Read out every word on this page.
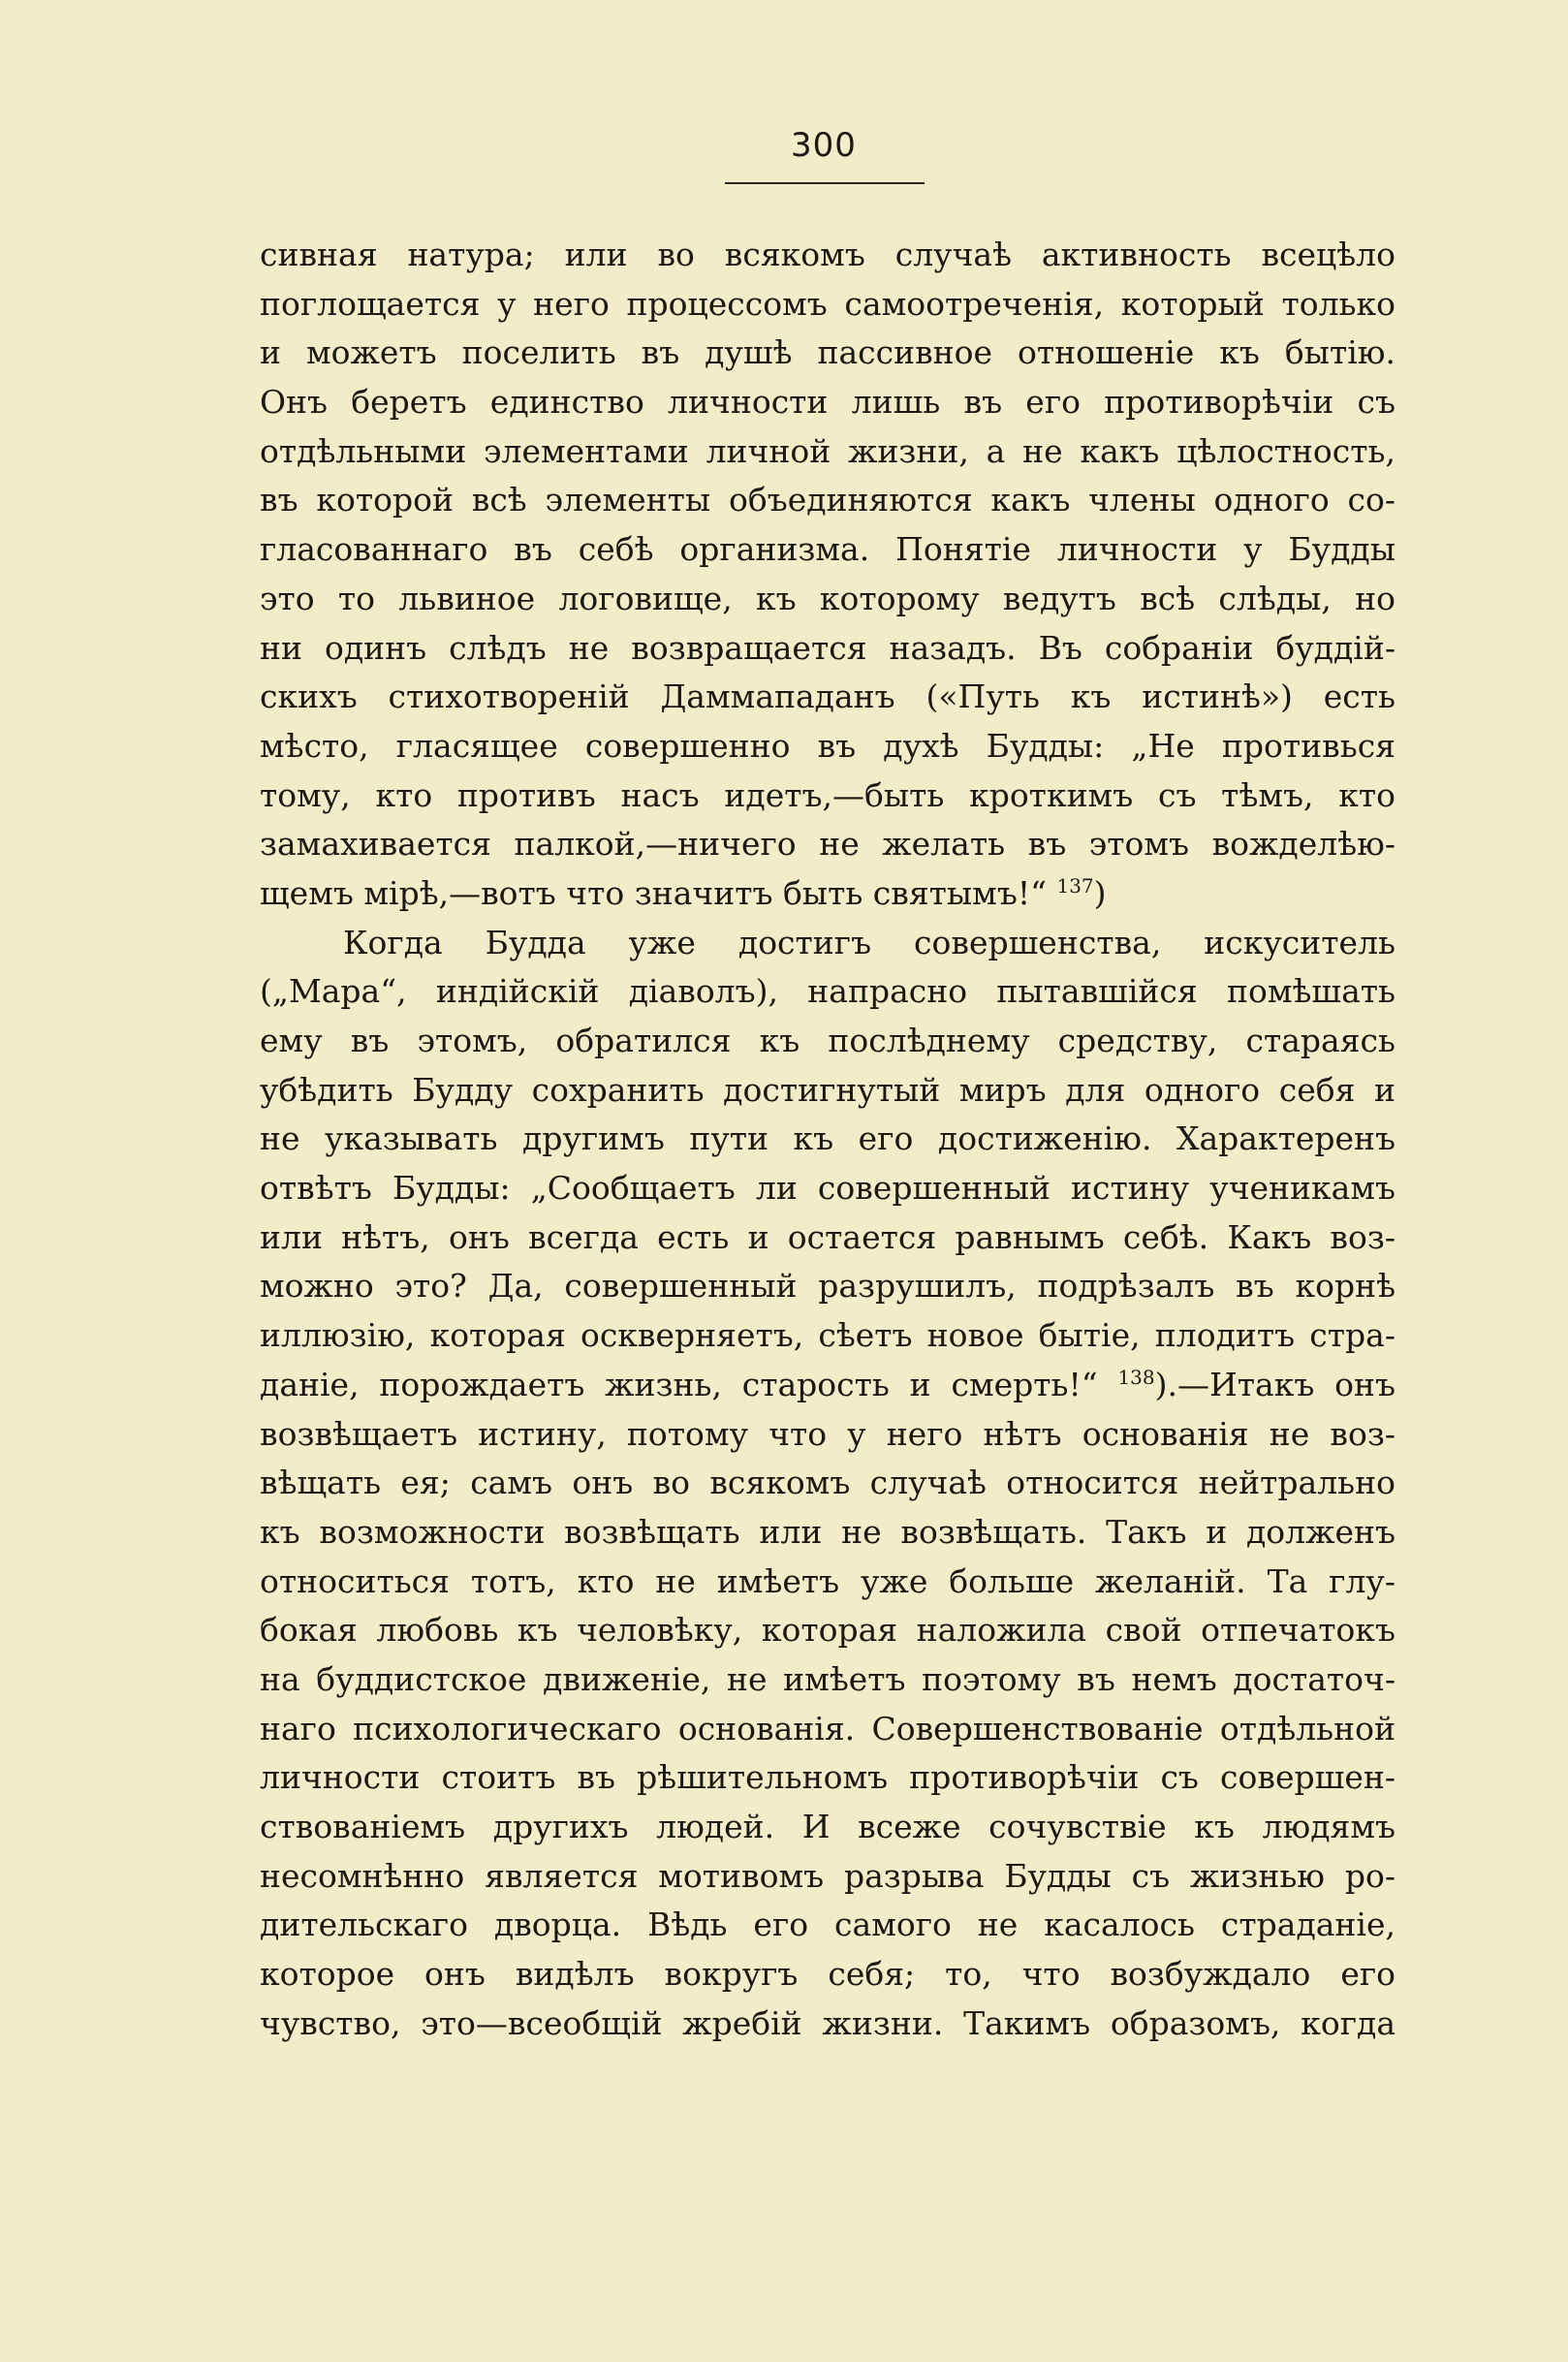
300
сивная натура; или во всякомъ случаѣ активность всецѣло
поглощается у него процессомъ самоотреченія, который только
и можетъ поселить въ душѣ пассивное отношеніе къ бытію.
Онъ беретъ единство личности лишь въ его противорѣчіи съ
отдѣльными элементами личной жизни, а не какъ цѣлостность,
въ которой всѣ элементы объединяются какъ члены одного со-
гласованнаго въ себѣ организма. Понятіе личности у Будды
это то львиное логовище, къ которому ведутъ всѣ слѣды, но
ни одинъ слѣдъ не возвращается назадъ. Въ собраніи буддій-
скихъ стихотвореній Даммападанъ («Путь къ истинѣ») есть
мѣсто, гласящее совершенно въ духѣ Будды: „Не противься
тому, кто противъ насъ идетъ,—быть кроткимъ съ тѣмъ, кто
замахивается палкой,—ничего не желать въ этомъ вожделѣю-
щемъ мірѣ,—вотъ что значитъ быть святымъ!“ $^{137}$)
Когда Будда уже достигъ совершенства, искуситель
(„Мара“, индійскій діаволъ), напрасно пытавшійся помѣшать
ему въ этомъ, обратился къ послѣднему средству, стараясь
убѣдить Будду сохранить достигнутый миръ для одного себя и
не указывать другимъ пути къ его достиженію. Характеренъ
отвѣтъ Будды: „Сообщаетъ ли совершенный истину ученикамъ
или нѣтъ, онъ всегда есть и остается равнымъ себѣ. Какъ воз-
можно это? Да, совершенный разрушилъ, подрѣзалъ въ корнѣ
иллюзію, которая оскверняетъ, сѣетъ новое бытіе, плодитъ стра-
даніе, порождаетъ жизнь, старость и смерть!“ $^{138}$).—Итакъ онъ
возвѣщаетъ истину, потому что у него нѣтъ основанія не воз-
вѣщать ея; самъ онъ во всякомъ случаѣ относится нейтрально
къ возможности возвѣщать или не возвѣщать. Такъ и долженъ
относиться тотъ, кто не имѣетъ уже больше желаній. Та глу-
бокая любовь къ человѣку, которая наложила свой отпечатокъ
на буддистское движеніе, не имѣетъ поэтому въ немъ достаточ-
наго психологическаго основанія. Совершенствованіе отдѣльной
личности стоитъ въ рѣшительномъ противорѣчіи съ совершен-
ствованіемъ другихъ людей. И всеже сочувствіе къ людямъ
несомнѣнно является мотивомъ разрыва Будды съ жизнью ро-
дительскаго дворца. Вѣдь его самого не касалось страданіе,
которое онъ видѣлъ вокругъ себя; то, что возбуждало его
чувство, это—всеобщій жребій жизни. Такимъ образомъ, когда
